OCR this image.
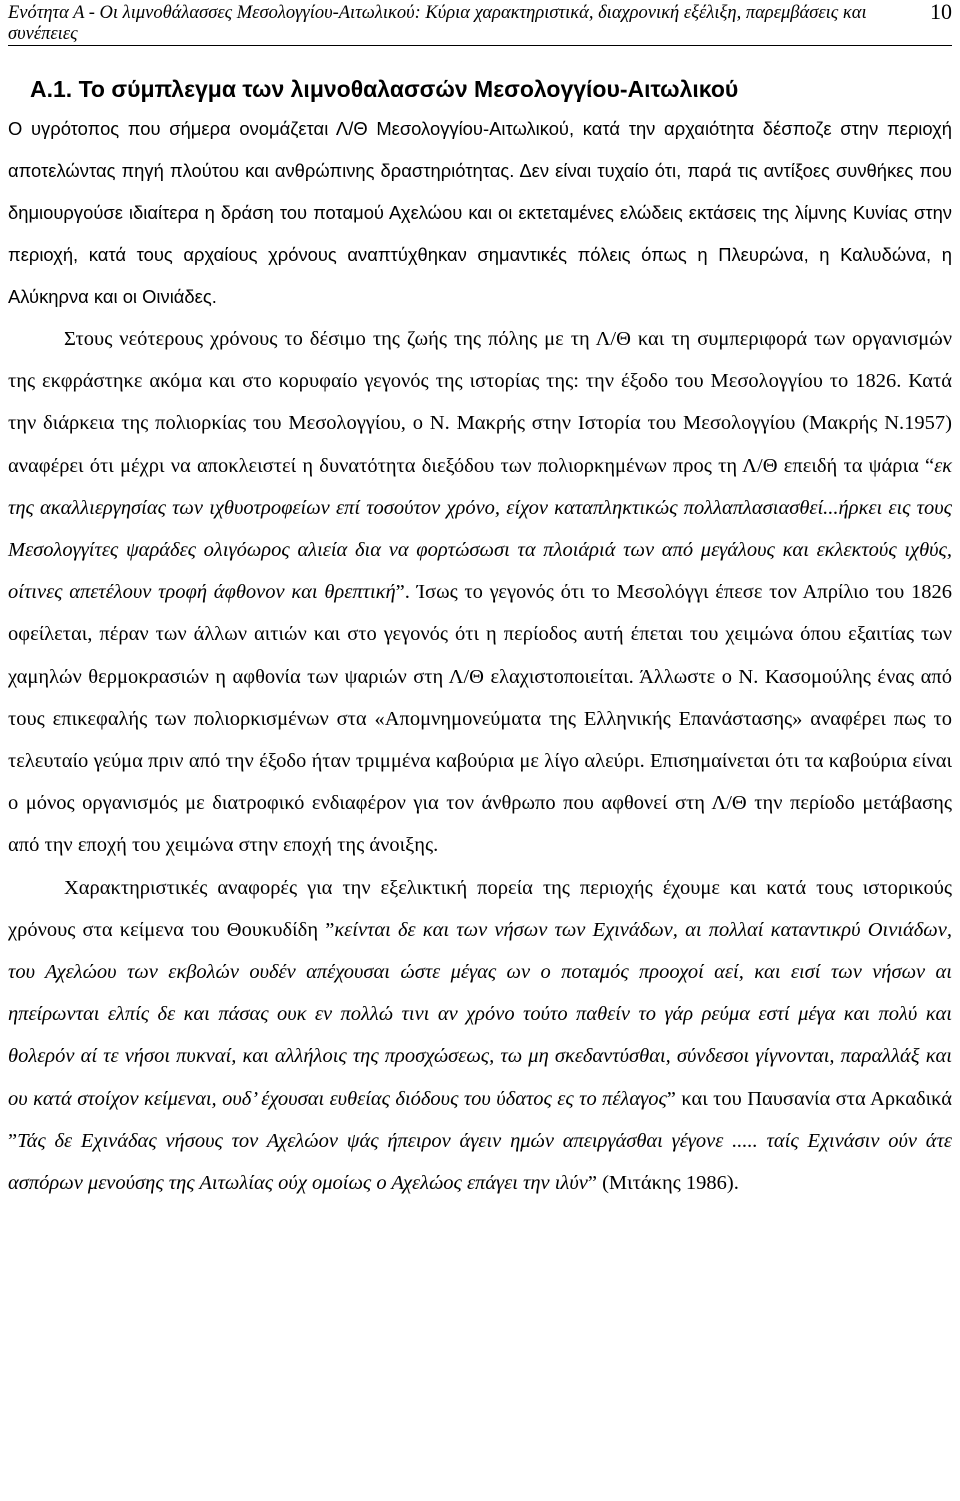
Ενότητα Α - Οι λιμνοθάλασσες Μεσολογγίου-Αιτωλικού: Κύρια χαρακτηριστικά, διαχρονική εξέλιξη, παρεμβάσεις και συνέπειες
10
Α.1. Το σύμπλεγμα των λιμνοθαλασσών Μεσολογγίου-Αιτωλικού

Ο υγρότοπος που σήμερα ονομάζεται Λ/Θ Μεσολογγίου-Αιτωλικού, κατά την αρχαιότητα δέσποζε στην περιοχή αποτελώντας πηγή πλούτου και ανθρώπινης δραστηριότητας. Δεν είναι τυχαίο ότι, παρά τις αντίξοες συνθήκες που δημιουργούσε ιδιαίτερα η δράση του ποταμού Αχελώου και οι εκτεταμένες ελώδεις εκτάσεις της λίμνης Κυνίας στην περιοχή, κατά τους αρχαίους χρόνους αναπτύχθηκαν σημαντικές πόλεις όπως η Πλευρώνα, η Καλυδώνα, η Αλύκηρνα και οι Οινιάδες.

Στους νεότερους χρόνους το δέσιμο της ζωής της πόλης με τη Λ/Θ και τη συμπεριφορά των οργανισμών της εκφράστηκε ακόμα και στο κορυφαίο γεγονός της ιστορίας της: την έξοδο του Μεσολογγίου το 1826. Κατά την διάρκεια της πολιορκίας του Μεσολογγίου, ο Ν. Μακρής στην Ιστορία του Μεσολογγίου (Μακρής Ν.1957) αναφέρει ότι μέχρι να αποκλειστεί η δυνατότητα διεξόδου των πολιορκημένων προς τη Λ/Θ επειδή τα ψάρια “εκ της ακαλλιεργησίας των ιχθυοτροφείων επί τοσούτον χρόνο, είχον καταπληκτικώς πολλαπλασιασθεί...ήρκει εις τους Μεσολογγίτες ψαράδες ολιγόωρος αλιεία δια να φορτώσωσι τα πλοιάριά των από μεγάλους και εκλεκτούς ιχθύς, οίτινες απετέλουν τροφή άφθονον και θρεπτική”. Ίσως το γεγονός ότι το Μεσολόγγι έπεσε τον Απρίλιο του 1826 οφείλεται, πέραν των άλλων αιτιών και στο γεγονός ότι η περίοδος αυτή έπεται του χειμώνα όπου εξαιτίας των χαμηλών θερμοκρασιών η αφθονία των ψαριών στη Λ/Θ ελαχιστοποιείται. Άλλωστε ο Ν. Κασομούλης ένας από τους επικεφαλής των πολιορκισμένων στα «Απομνημονεύματα της Ελληνικής Επανάστασης» αναφέρει πως το τελευταίο γεύμα πριν από την έξοδο ήταν τριμμένα καβούρια με λίγο αλεύρι. Επισημαίνεται ότι τα καβούρια είναι ο μόνος οργανισμός με διατροφικό ενδιαφέρον για τον άνθρωπο που αφθονεί στη Λ/Θ την περίοδο μετάβασης από την εποχή του χειμώνα στην εποχή της άνοιξης.

Χαρακτηριστικές αναφορές για την εξελικτική πορεία της περιοχής έχουμε και κατά τους ιστορικούς χρόνους στα κείμενα του Θουκυδίδη ”κείνται δε και των νήσων των Εχινάδων, αι πολλαί καταντικρύ Οινιάδων, του Αχελώου των εκβολών ουδέν απέχουσαι ώστε μέγας ων ο ποταμός προοχοί αεί, και εισί των νήσων αι ηπείρωνται ελπίς δε και πάσας ουκ εν πολλώ τινι αν χρόνο τούτο παθείν το γάρ ρεύμα εστί μέγα και πολύ και θολερόν αί τε νήσοι πυκναί, και αλλήλοις της προσχώσεως, τω μη σκεδαντύσθαι, σύνδεσοι γίγνονται, παραλλάξ και ου κατά στοίχον κείμεναι, ουδ’ έχουσαι ευθείας διόδους του ύδατος ες το πέλαγος” και του Παυσανία στα Αρκαδικά ”Τάς δε Εχινάδας νήσους τον Αχελώον ψάς ήπειρον άγειν ημών απειργάσθαι γέγονε ..... ταίς Εχινάσιν ούν άτε ασπόρων μενούσης της Αιτωλίας ούχ ομοίως ο Αχελώος επάγει την ιλύν” (Μιτάκης 1986).
